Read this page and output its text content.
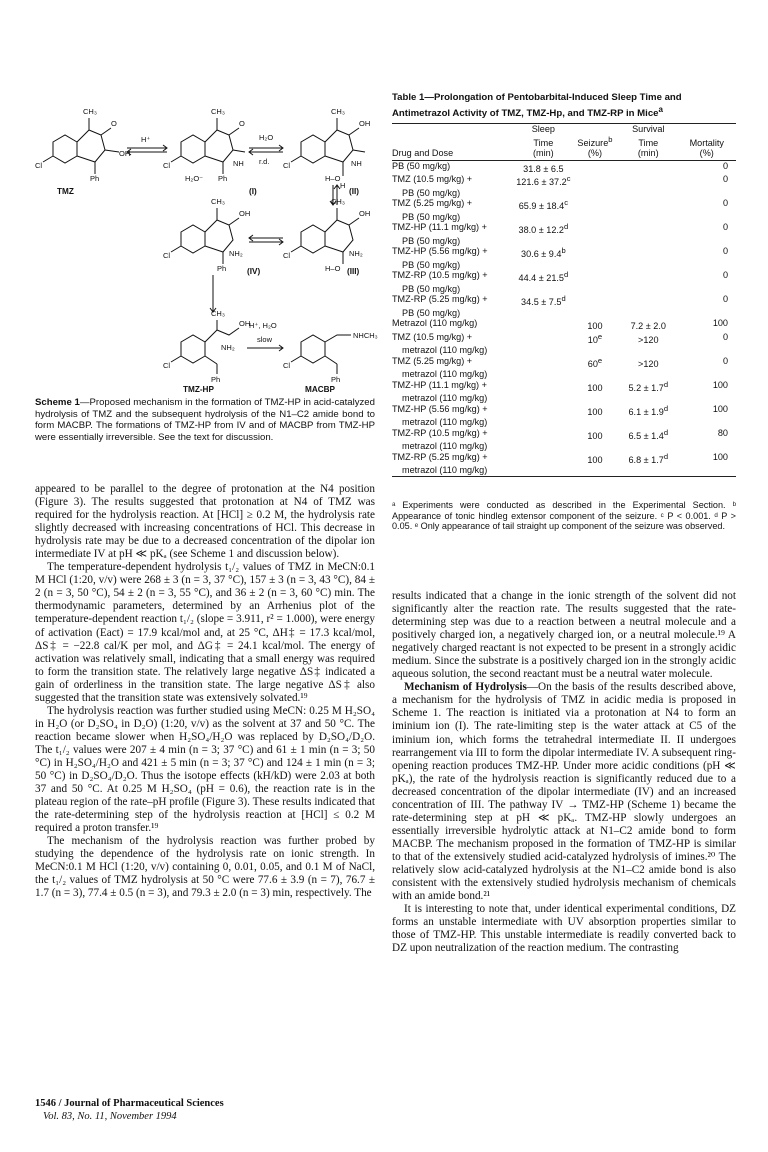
CH₃
O
OH
Cl
Ph
H⁺
CH₃
O
NH
Cl
H₂O⁻ Ph
H₂O
r.d.
CH₃
OH
NH
Cl
H–O
H
CH₃
OH
NH₂
Cl
Ph
CH₃
OH
NH₂
Cl
H–O
CH₃
OH
NH₂
Cl
Ph
H⁺, H₂O
slow	NHCH₃
Cl
Ph
TMZ	(I)	(II)
(IV)	(III)
TMZ-HP	MACBP
Scheme 1—Proposed mechanism in the formation of TMZ-HP in acid-catalyzed hydrolysis of TMZ and the subsequent hydrolysis of the N1–C2 amide bond to form MACBP. The formations of TMZ-HP from IV and of MACBP from TMZ-HP were essentially irreversible. See the text for discussion.

appeared to be parallel to the degree of protonation at the N4 position (Figure 3). The results suggested that protonation at N4 of TMZ was required for the hydrolysis reaction. At [HCl] ≥ 0.2 M, the hydrolysis rate slightly decreased with increasing concentrations of HCl. This decrease in hydrolysis rate may be due to a decreased concentration of the dipolar ion intermediate IV at pH ≪ pKₐ (see Scheme 1 and discussion below).

The temperature-dependent hydrolysis t₁/₂ values of TMZ in MeCN:0.1 M HCl (1:20, v/v) were 268 ± 3 (n = 3, 37 °C), 157 ± 3 (n = 3, 43 °C), 84 ± 2 (n = 3, 50 °C), 54 ± 2 (n = 3, 55 °C), and 36 ± 2 (n = 3, 60 °C) min. The thermodynamic parameters, determined by an Arrhenius plot of the temperature-dependent reaction t₁/₂ (slope = 3.911, r² = 1.000), were energy of activation (Eact) = 17.9 kcal/mol and, at 25 °C, ΔH‡ = 17.3 kcal/mol, ΔS‡ = −22.8 cal/K per mol, and ΔG‡ = 24.1 kcal/mol. The energy of activation was relatively small, indicating that a small energy was required to form the transition state. The relatively large negative ΔS‡ indicated a gain of orderliness in the transition state. The large negative ΔS‡ also suggested that the transition state was extensively solvated.¹⁹

The hydrolysis reaction was further studied using MeCN: 0.25 M H₂SO₄ in H₂O (or D₂SO₄ in D₂O) (1:20, v/v) as the solvent at 37 and 50 °C. The reaction became slower when H₂SO₄/H₂O was replaced by D₂SO₄/D₂O. The t₁/₂ values were 207 ± 4 min (n = 3; 37 °C) and 61 ± 1 min (n = 3; 50 °C) in H₂SO₄/H₂O and 421 ± 5 min (n = 3; 37 °C) and 124 ± 1 min (n = 3; 50 °C) in D₂SO₄/D₂O. Thus the isotope effects (kH/kD) were 2.03 at both 37 and 50 °C. At 0.25 M H₂SO₄ (pH = 0.6), the reaction rate is in the plateau region of the rate–pH profile (Figure 3). These results indicated that the rate-determining step of the hydrolysis reaction at [HCl] ≤ 0.2 M required a proton transfer.¹⁹

The mechanism of the hydrolysis reaction was further probed by studying the dependence of the hydrolysis rate on ionic strength. In MeCN:0.1 M HCl (1:20, v/v) containing 0, 0.01, 0.05, and 0.1 M of NaCl, the t₁/₂ values of TMZ hydrolysis at 50 °C were 77.6 ± 3.9 (n = 7), 76.7 ± 1.7 (n = 3), 77.4 ± 0.5 (n = 3), and 79.3 ± 2.0 (n = 3) min, respectively. The

Table 1—Prolongation of Pentobarbital-Induced Sleep Time and Antimetrazol Activity of TMZ, TMZ-Hp, and TMZ-RP in Mice$^a$
	Sleep		Survival	
	Time	Seizure$^b$	Time	Mortality
Drug and Dose	(min)	(%)	(min)	(%)
PB (50 mg/kg)	31.8 ± 6.5			0
TMZ (10.5 mg/kg) +	121.6 ± 37.2$^c$			0
PB (50 mg/kg)				
TMZ (5.25 mg/kg) +	65.9 ± 18.4$^c$			0
PB (50 mg/kg)				
TMZ-HP (11.1 mg/kg) +	38.0 ± 12.2$^d$			0
PB (50 mg/kg)				
TMZ-HP (5.56 mg/kg) +	30.6 ± 9.4$^b$			0
PB (50 mg/kg)				
TMZ-RP (10.5 mg/kg) +	44.4 ± 21.5$^d$			0
PB (50 mg/kg)				
TMZ-RP (5.25 mg/kg) +	34.5 ± 7.5$^d$			0
PB (50 mg/kg)				
Metrazol (110 mg/kg)		100	7.2 ± 2.0	100
TMZ (10.5 mg/kg) +		$10^e$	>120	0
metrazol (110 mg/kg)				
TMZ (5.25 mg/kg) +		$60^e$	>120	0
metrazol (110 mg/kg)				
TMZ-HP (11.1 mg/kg) +		100	5.2 ± 1.7$^d$	100
metrazol (110 mg/kg)				
TMZ-HP (5.56 mg/kg) +		100	6.1 ± 1.9$^d$	100
metrazol (110 mg/kg)				
TMZ-RP (10.5 mg/kg) +		100	6.5 ± 1.4$^d$	80
metrazol (110 mg/kg)				
TMZ-RP (5.25 mg/kg) +		100	6.8 ± 1.7$^d$	100
metrazol (110 mg/kg)				
ᵃ Experiments were conducted as described in the Experimental Section. ᵇ Appearance of tonic hindleg extensor component of the seizure. ᶜ P < 0.001. ᵈ P > 0.05. ᵉ Only appearance of tail straight up component of the seizure was observed.

results indicated that a change in the ionic strength of the solvent did not significantly alter the reaction rate. The results suggested that the rate-determining step was due to a reaction between a neutral molecule and a positively charged ion, a negatively charged ion, or a neutral molecule.¹⁹ A negatively charged reactant is not expected to be present in a strongly acidic medium. Since the substrate is a positively charged ion in the strongly acidic aqueous solution, the second reactant must be a neutral water molecule.

Mechanism of Hydrolysis—On the basis of the results described above, a mechanism for the hydrolysis of TMZ in acidic media is proposed in Scheme 1. The reaction is initiated via a protonation at N4 to form an iminium ion (I). The rate-limiting step is the water attack at C5 of the iminium ion, which forms the tetrahedral intermediate II. II undergoes rearrangement via III to form the dipolar intermediate IV. A subsequent ring-opening reaction produces TMZ-HP. Under more acidic conditions (pH ≪ pKₐ), the rate of the hydrolysis reaction is significantly reduced due to a decreased concentration of the dipolar intermediate (IV) and an increased concentration of III. The pathway IV → TMZ-HP (Scheme 1) became the rate-determining step at pH ≪ pKₐ. TMZ-HP slowly undergoes an essentially irreversible hydrolytic attack at N1–C2 amide bond to form MACBP. The mechanism proposed in the formation of TMZ-HP is similar to that of the extensively studied acid-catalyzed hydrolysis of imines.²⁰ The relatively slow acid-catalyzed hydrolysis at the N1–C2 amide bond is also consistent with the extensively studied hydrolysis mechanism of chemicals with an amide bond.²¹

It is interesting to note that, under identical experimental conditions, DZ forms an unstable intermediate with UV absorption properties similar to those of TMZ-HP. This unstable intermediate is readily converted back to DZ upon neutralization of the reaction medium. The contrasting

1546 / Journal of Pharmaceutical Sciences
Vol. 83, No. 11, November 1994
